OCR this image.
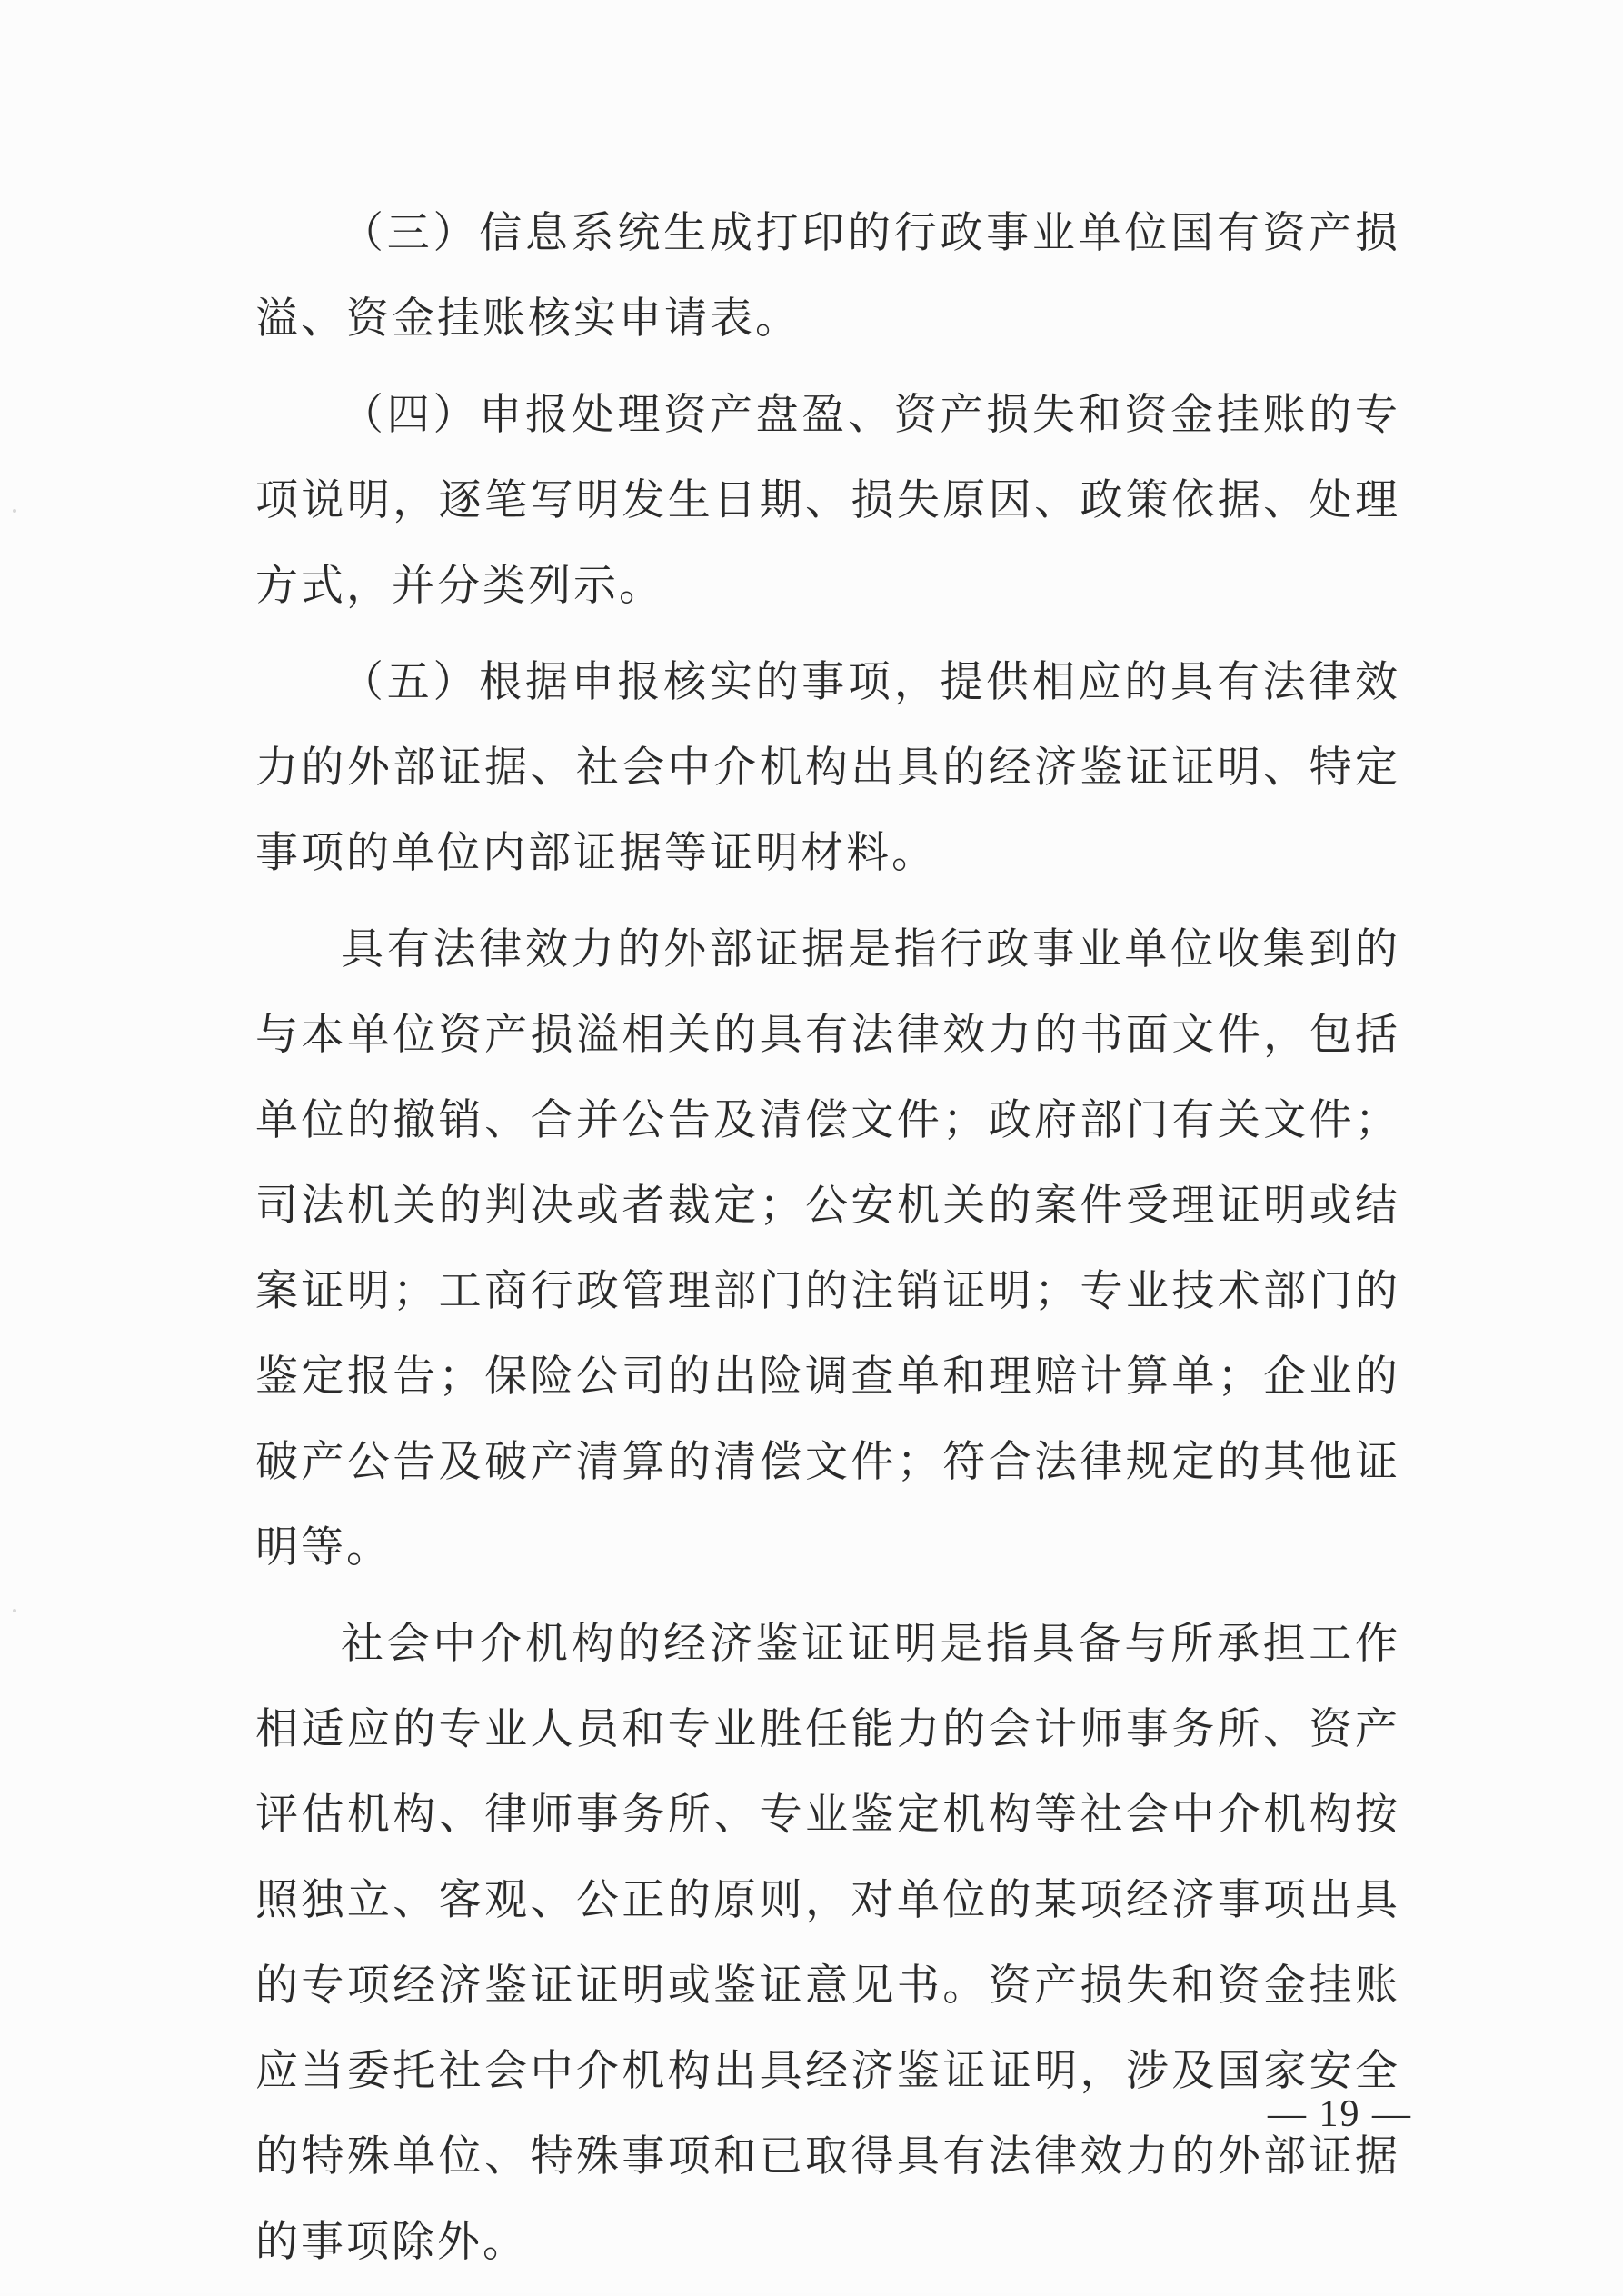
（三）信息系统生成打印的行政事业单位国有资产损溢、资金挂账核实申请表。

（四）申报处理资产盘盈、资产损失和资金挂账的专项说明，逐笔写明发生日期、损失原因、政策依据、处理方式，并分类列示。

（五）根据申报核实的事项，提供相应的具有法律效力的外部证据、社会中介机构出具的经济鉴证证明、特定事项的单位内部证据等证明材料。

具有法律效力的外部证据是指行政事业单位收集到的与本单位资产损溢相关的具有法律效力的书面文件，包括单位的撤销、合并公告及清偿文件；政府部门有关文件；司法机关的判决或者裁定；公安机关的案件受理证明或结案证明；工商行政管理部门的注销证明；专业技术部门的鉴定报告；保险公司的出险调查单和理赔计算单；企业的破产公告及破产清算的清偿文件；符合法律规定的其他证明等。

社会中介机构的经济鉴证证明是指具备与所承担工作相适应的专业人员和专业胜任能力的会计师事务所、资产评估机构、律师事务所、专业鉴定机构等社会中介机构按照独立、客观、公正的原则，对单位的某项经济事项出具的专项经济鉴证证明或鉴证意见书。资产损失和资金挂账应当委托社会中介机构出具经济鉴证证明，涉及国家安全的特殊单位、特殊事项和已取得具有法律效力的外部证据的事项除外。

— 19 —
